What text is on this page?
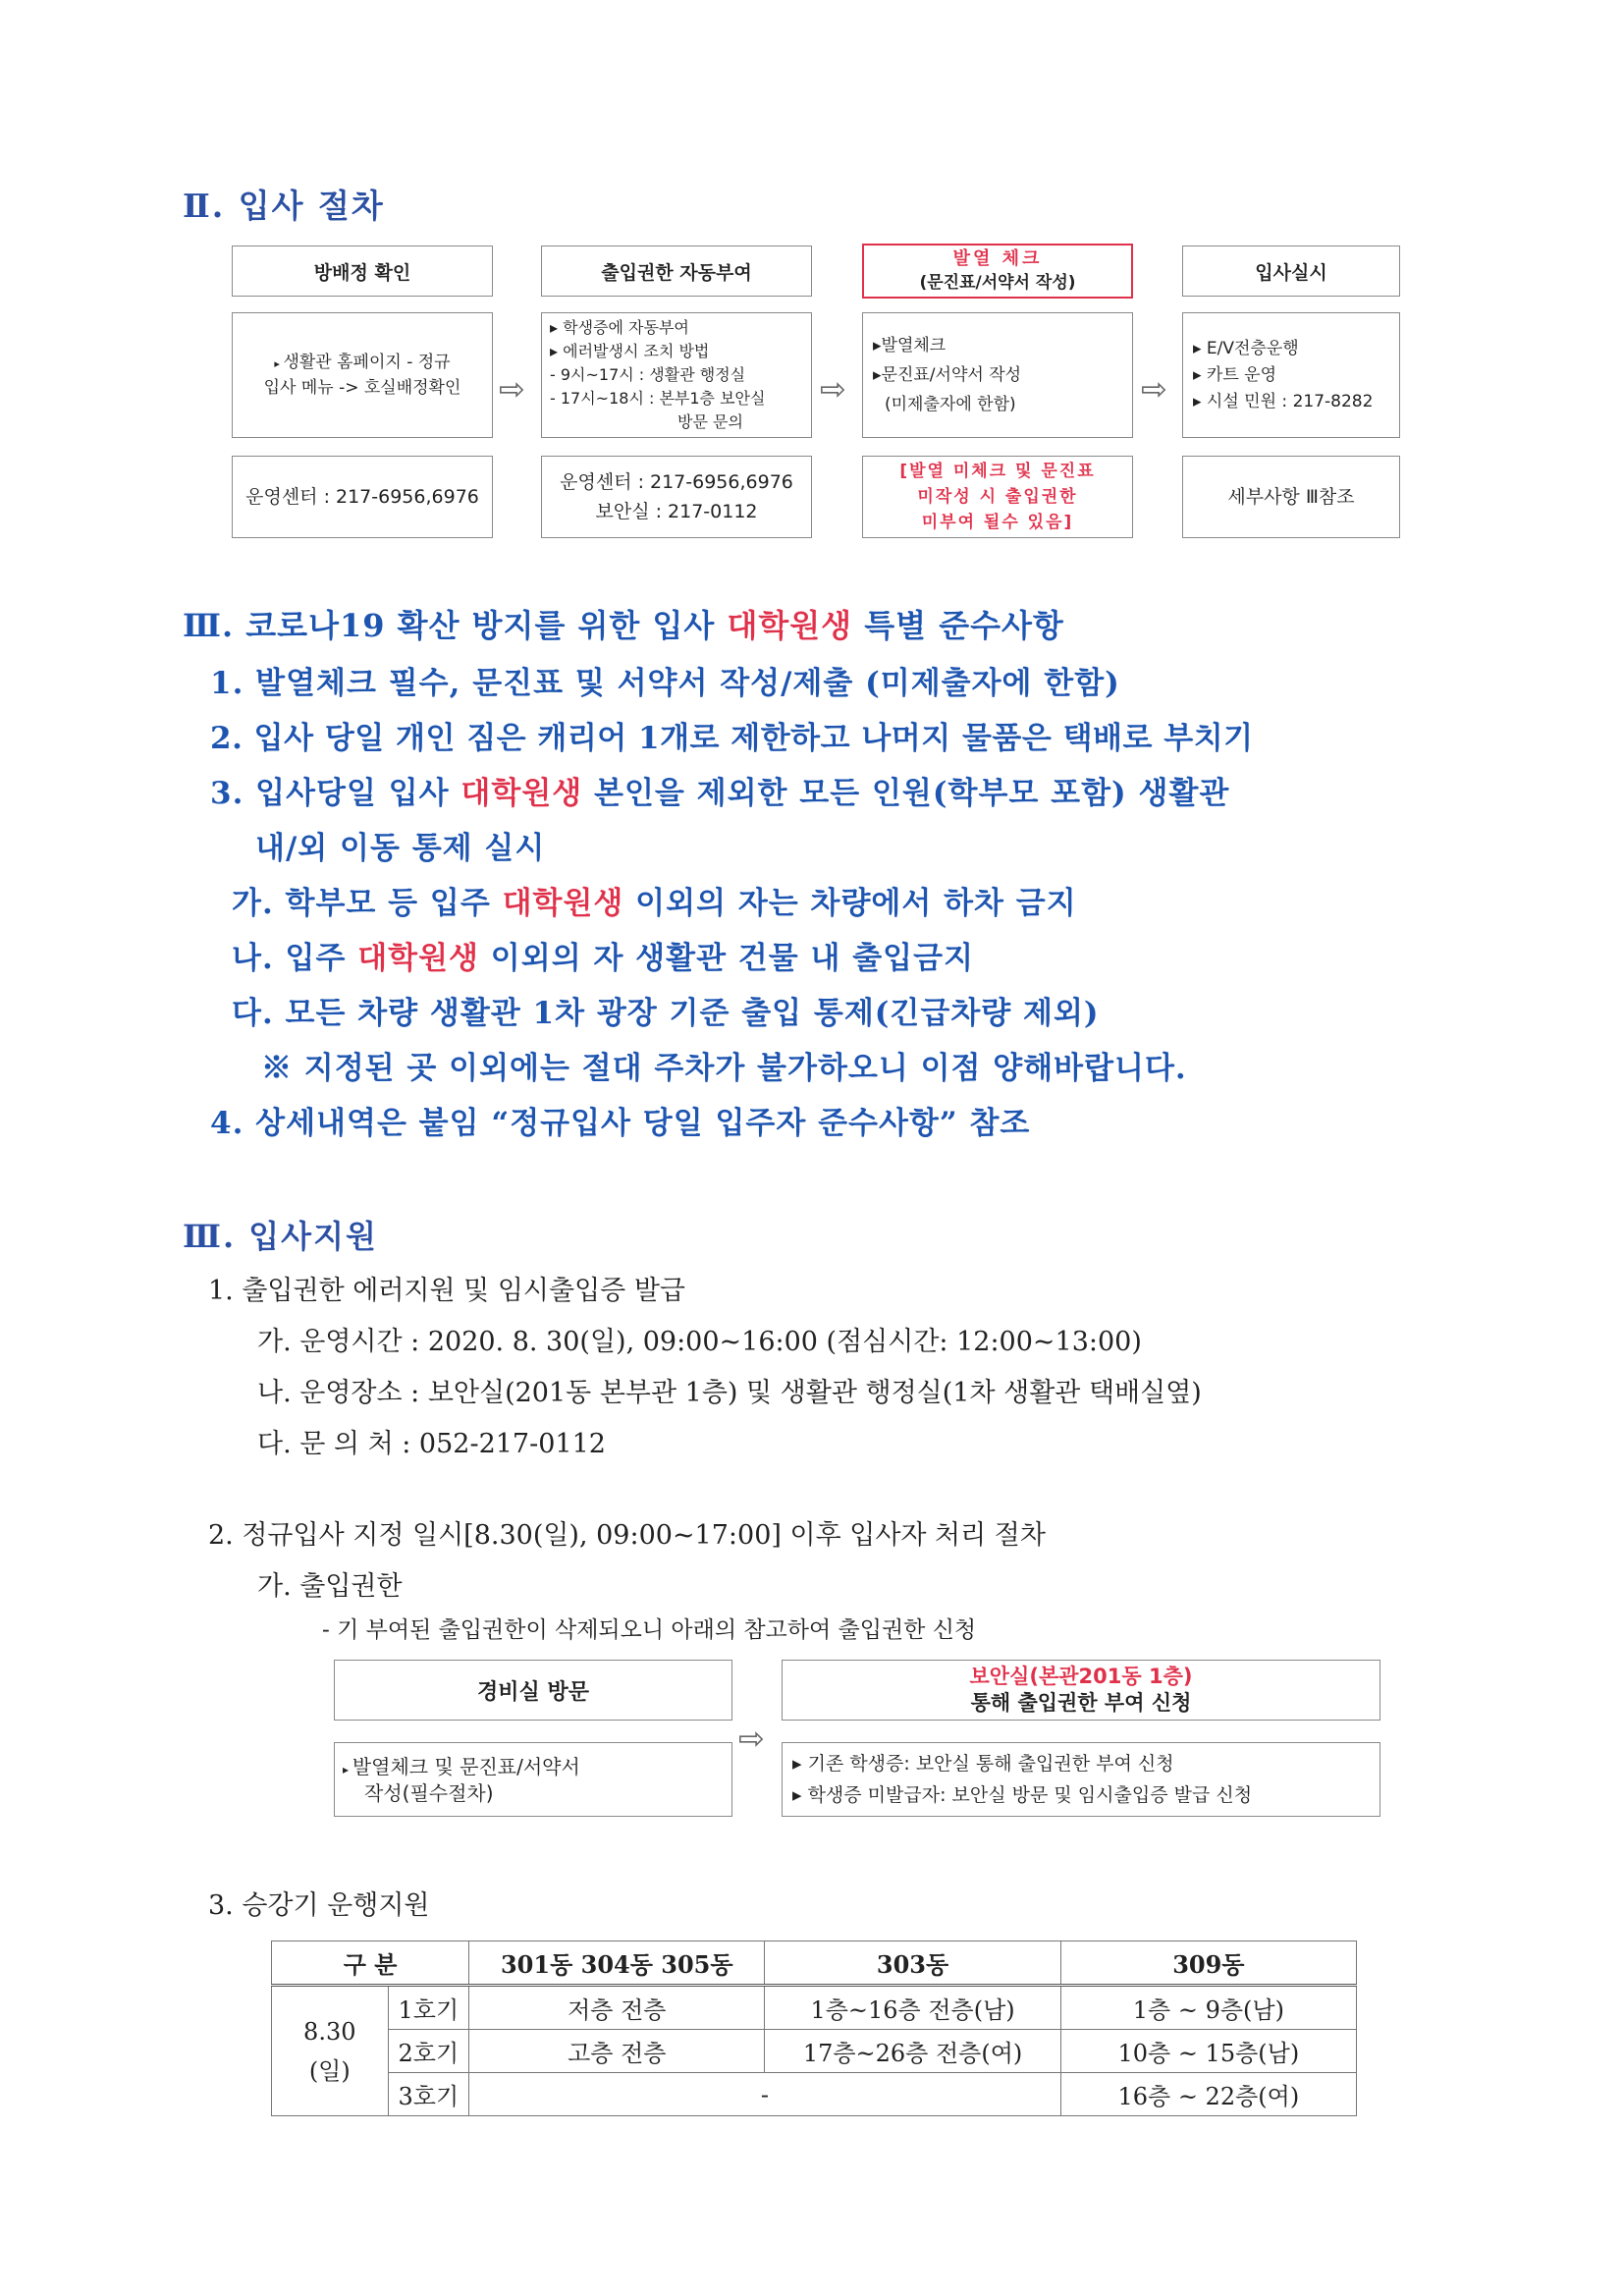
Ⅱ. 입사 절차
방배정 확인
▸ 생활관 홈페이지 - 정규
입사 메뉴 -> 호실배정확인
운영센터 : 217-6956,6976
⇨
출입권한 자동부여
▸ 학생증에 자동부여
▸ 에러발생시 조치 방법
- 9시~17시 : 생활관 행정실
- 17시~18시 : 본부1층 보안실
방문 문의
운영센터 : 217-6956,6976
보안실 : 217-0112
⇨
발열 체크
(문진표/서약서 작성)
▸발열체크
▸문진표/서약서 작성
(미제출자에 한함)
[발열 미체크 및 문진표
미작성 시 출입권한
미부여 될수 있음]
⇨
입사실시
▸ E/V전층운행
▸ 카트 운영
▸ 시설 민원 : 217-8282
세부사항 Ⅲ참조
Ⅲ. 코로나19 확산 방지를 위한 입사 대학원생 특별 준수사항
1. 발열체크 필수, 문진표 및 서약서 작성/제출 (미제출자에 한함)
2. 입사 당일 개인 짐은 캐리어 1개로 제한하고 나머지 물품은 택배로 부치기
3. 입사당일 입사 대학원생 본인을 제외한 모든 인원(학부모 포함) 생활관
내/외 이동 통제 실시
가. 학부모 등 입주 대학원생 이외의 자는 차량에서 하차 금지
나. 입주 대학원생 이외의 자 생활관 건물 내 출입금지
다. 모든 차량 생활관 1차 광장 기준 출입 통제(긴급차량 제외)
※ 지정된 곳 이외에는 절대 주차가 불가하오니 이점 양해바랍니다.
4. 상세내역은 붙임 “정규입사 당일 입주자 준수사항” 참조
Ⅲ. 입사지원
1. 출입권한 에러지원 및 임시출입증 발급
가. 운영시간 : 2020. 8. 30(일), 09:00~16:00 (점심시간: 12:00~13:00)
나. 운영장소 : 보안실(201동 본부관 1층) 및 생활관 행정실(1차 생활관 택배실옆)
다. 문 의 처 : 052-217-0112
2. 정규입사 지정 일시[8.30(일), 09:00~17:00] 이후 입사자 처리 절차
가. 출입권한
- 기 부여된 출입권한이 삭제되오니 아래의 참고하여 출입권한 신청
경비실 방문
▸ 발열체크 및 문진표/서약서
작성(필수절차)
⇨
보안실(본관201동 1층)
통해 출입권한 부여 신청
▸ 기존 학생증: 보안실 통해 출입권한 부여 신청
▸ 학생증 미발급자: 보안실 방문 및 임시출입증 발급 신청
3. 승강기 운행지원
구 분		301동 304동 305동	303동	309동

8.30
(일)	1호기	저층 전층	1층~16층 전층(남)	1층 ~ 9층(남)
	2호기	고층 전층	17층~26층 전층(여)	10층 ~ 15층(남)
	3호기	-		16층 ~ 22층(여)
